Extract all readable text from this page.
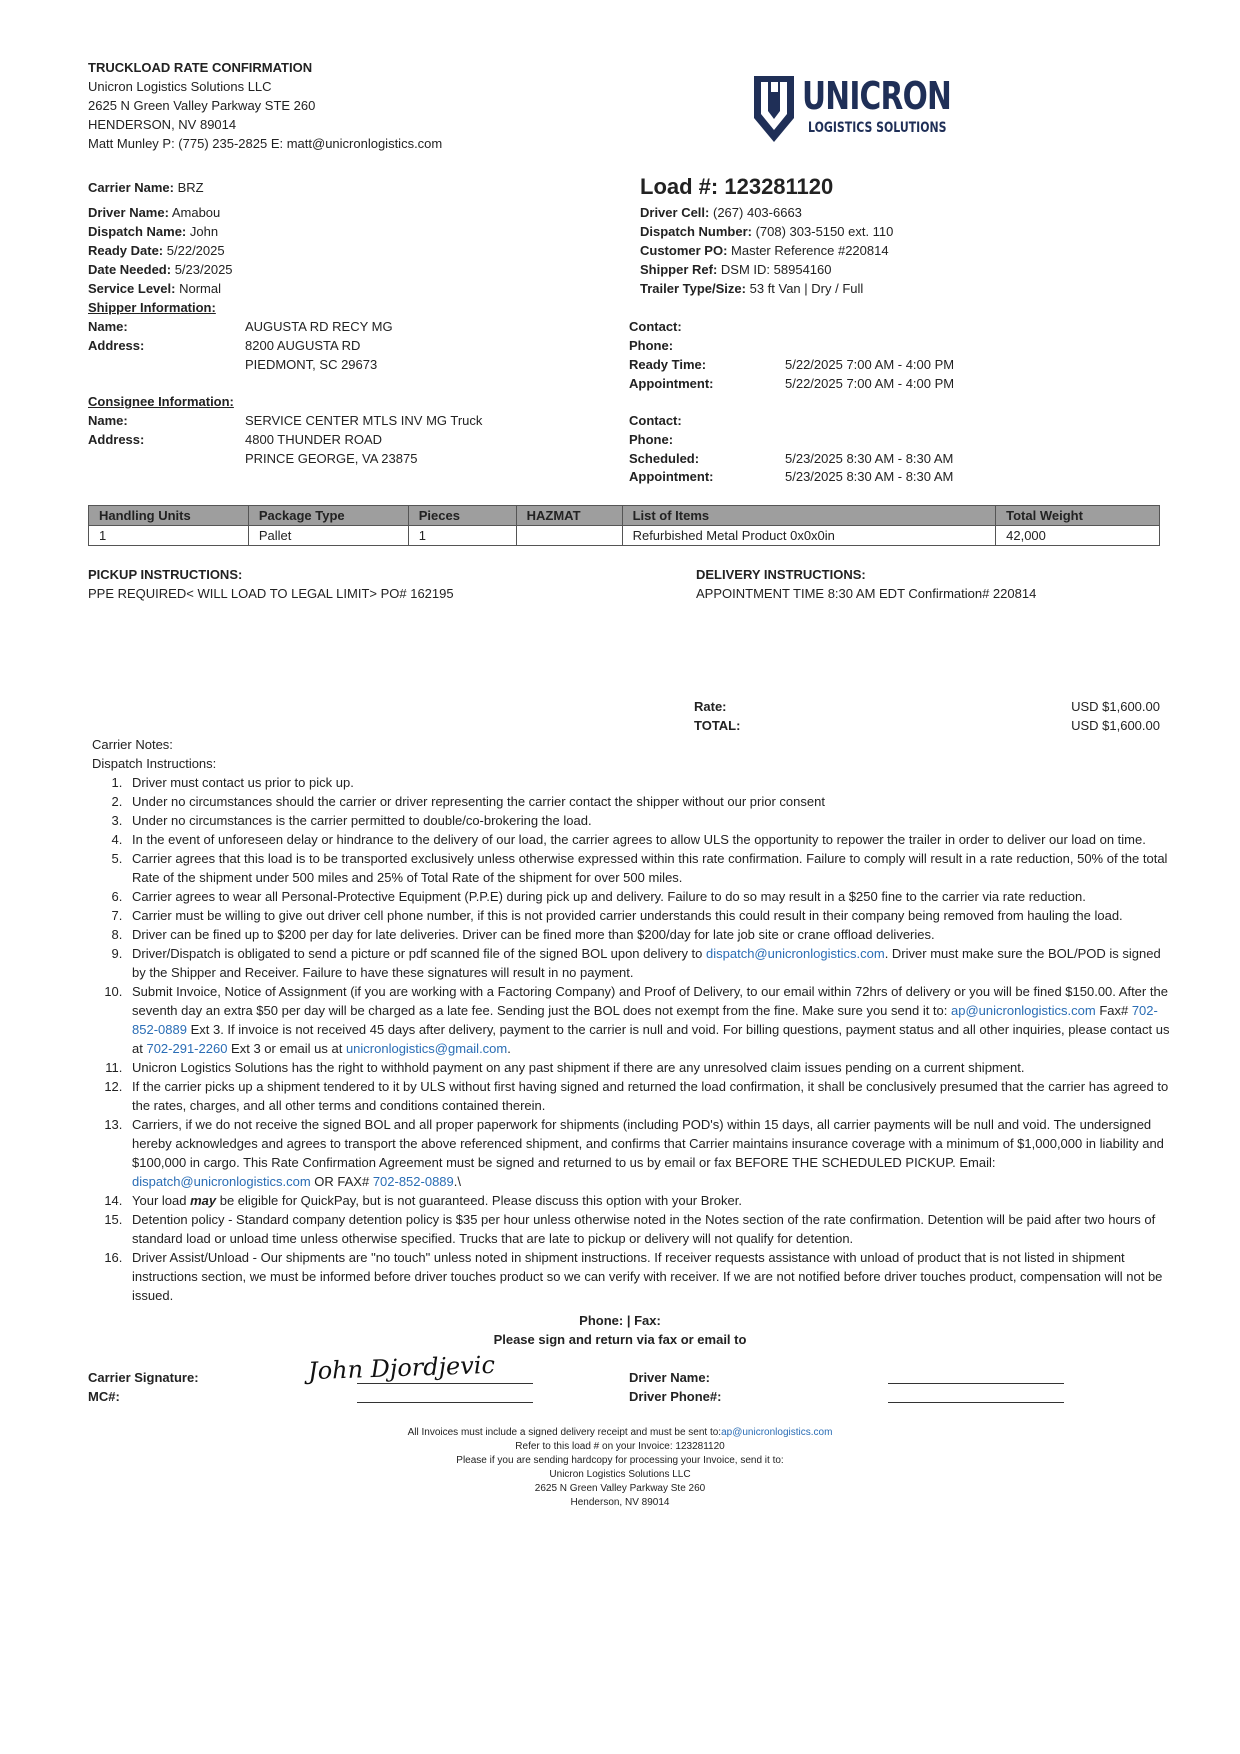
TRUCKLOAD RATE CONFIRMATION
Unicron Logistics Solutions LLC
2625 N Green Valley Parkway STE 260
HENDERSON, NV 89014
Matt Munley P: (775) 235-2825 E: matt@unicronlogistics.com
UNICRON
LOGISTICS SOLUTIONS
Carrier Name: BRZ
Driver Name: Amabou
Dispatch Name: John
Ready Date: 5/22/2025
Date Needed: 5/23/2025
Service Level: Normal
Load #: 123281120
Driver Cell: (267) 403-6663
Dispatch Number: (708) 303-5150 ext. 110
Customer PO: Master Reference #220814
Shipper Ref: DSM ID: 58954160
Trailer Type/Size: 53 ft Van | Dry / Full
Shipper Information:
Name:	AUGUSTA RD RECY MG
Address:	8200 AUGUSTA RD
PIEDMONT, SC 29673
Contact:
Phone:
Ready Time:	5/22/2025 7:00 AM - 4:00 PM
Appointment:	5/22/2025 7:00 AM - 4:00 PM
Consignee Information:
Name:	SERVICE CENTER MTLS INV MG Truck
Address:	4800 THUNDER ROAD
PRINCE GEORGE, VA 23875
Contact:
Phone:
Scheduled:	5/23/2025 8:30 AM - 8:30 AM
Appointment:	5/23/2025 8:30 AM - 8:30 AM
Handling Units	Package Type	Pieces	HAZMAT	List of Items	Total Weight
1	Pallet	1		Refurbished Metal Product 0x0x0in	42,000
PICKUP INSTRUCTIONS:
PPE REQUIRED< WILL LOAD TO LEGAL LIMIT> PO# 162195
DELIVERY INSTRUCTIONS:
APPOINTMENT TIME 8:30 AM EDT Confirmation# 220814
Rate:	USD $1,600.00
TOTAL:	USD $1,600.00
Carrier Notes:
Dispatch Instructions:
1. Driver must contact us prior to pick up.
2. Under no circumstances should the carrier or driver representing the carrier contact the shipper without our prior consent
3. Under no circumstances is the carrier permitted to double/co-brokering the load.
4. In the event of unforeseen delay or hindrance to the delivery of our load, the carrier agrees to allow ULS the opportunity to repower the trailer in order to deliver our load on time.
5. Carrier agrees that this load is to be transported exclusively unless otherwise expressed within this rate confirmation. Failure to comply will result in a rate reduction, 50% of the total Rate of the shipment under 500 miles and 25% of Total Rate of the shipment for over 500 miles.
6. Carrier agrees to wear all Personal-Protective Equipment (P.P.E) during pick up and delivery. Failure to do so may result in a $250 fine to the carrier via rate reduction.
7. Carrier must be willing to give out driver cell phone number, if this is not provided carrier understands this could result in their company being removed from hauling the load.
8. Driver can be fined up to $200 per day for late deliveries. Driver can be fined more than $200/day for late job site or crane offload deliveries.
9. Driver/Dispatch is obligated to send a picture or pdf scanned file of the signed BOL upon delivery to dispatch@unicronlogistics.com. Driver must make sure the BOL/POD is signed by the Shipper and Receiver. Failure to have these signatures will result in no payment.
10. Submit Invoice, Notice of Assignment (if you are working with a Factoring Company) and Proof of Delivery, to our email within 72hrs of delivery or you will be fined $150.00. After the seventh day an extra $50 per day will be charged as a late fee. Sending just the BOL does not exempt from the fine. Make sure you send it to: ap@unicronlogistics.com Fax# 702-852-0889 Ext 3. If invoice is not received 45 days after delivery, payment to the carrier is null and void. For billing questions, payment status and all other inquiries, please contact us at 702-291-2260 Ext 3 or email us at unicronlogistics@gmail.com.
11. Unicron Logistics Solutions has the right to withhold payment on any past shipment if there are any unresolved claim issues pending on a current shipment.
12. If the carrier picks up a shipment tendered to it by ULS without first having signed and returned the load confirmation, it shall be conclusively presumed that the carrier has agreed to the rates, charges, and all other terms and conditions contained therein.
13. Carriers, if we do not receive the signed BOL and all proper paperwork for shipments (including POD's) within 15 days, all carrier payments will be null and void. The undersigned hereby acknowledges and agrees to transport the above referenced shipment, and confirms that Carrier maintains insurance coverage with a minimum of $1,000,000 in liability and $100,000 in cargo. This Rate Confirmation Agreement must be signed and returned to us by email or fax BEFORE THE SCHEDULED PICKUP. Email: dispatch@unicronlogistics.com OR FAX# 702-852-0889.\
14. Your load may be eligible for QuickPay, but is not guaranteed. Please discuss this option with your Broker.
15. Detention policy - Standard company detention policy is $35 per hour unless otherwise noted in the Notes section of the rate confirmation. Detention will be paid after two hours of standard load or unload time unless otherwise specified. Trucks that are late to pickup or delivery will not qualify for detention.
16. Driver Assist/Unload - Our shipments are "no touch" unless noted in shipment instructions. If receiver requests assistance with unload of product that is not listed in shipment instructions section, we must be informed before driver touches product so we can verify with receiver. If we are not notified before driver touches product, compensation will not be issued.
Phone: | Fax:
Please sign and return via fax or email to
Carrier Signature:	John Djordjevic
MC#:
Driver Name:
Driver Phone#:
All Invoices must include a signed delivery receipt and must be sent to:ap@unicronlogistics.com
Refer to this load # on your Invoice: 123281120
Please if you are sending hardcopy for processing your Invoice, send it to:
Unicron Logistics Solutions LLC
2625 N Green Valley Parkway Ste 260
Henderson, NV 89014
